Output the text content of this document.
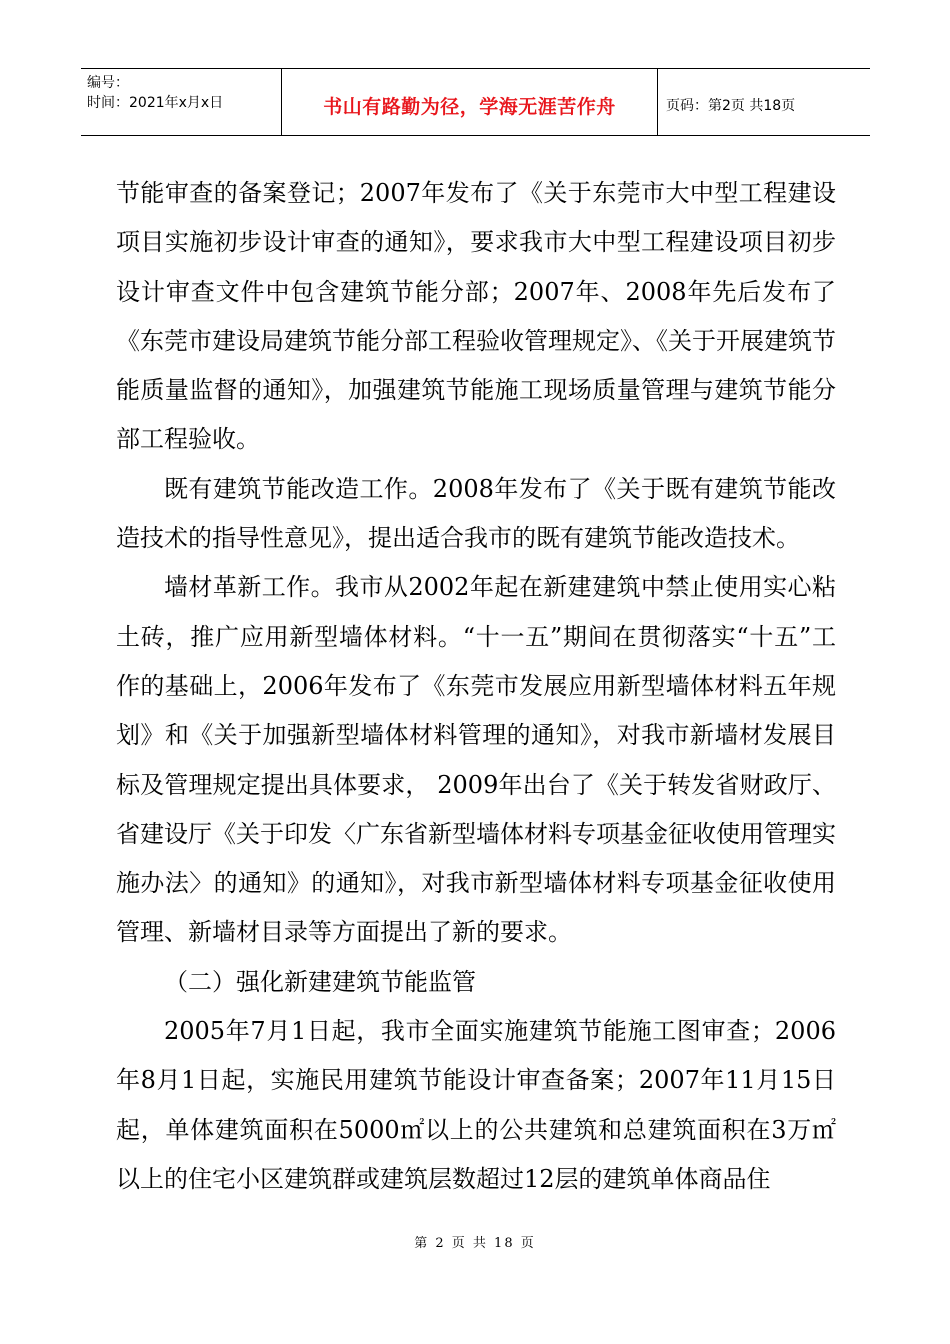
编号：
时间：2021年x月x日	书山有路勤为径，学海无涯苦作舟	页码：第2页 共18页

节能审查的备案登记；2007年发布了《关于东莞市大中型工程建设项目实施初步设计审查的通知》，要求我市大中型工程建设项目初步设计审查文件中包含建筑节能分部；2007年、2008年先后发布了《东莞市建设局建筑节能分部工程验收管理规定》、《关于开展建筑节能质量监督的通知》，加强建筑节能施工现场质量管理与建筑节能分部工程验收。

既有建筑节能改造工作。2008年发布了《关于既有建筑节能改造技术的指导性意见》，提出适合我市的既有建筑节能改造技术。

墙材革新工作。我市从2002年起在新建建筑中禁止使用实心粘土砖，推广应用新型墙体材料。“十一五”期间在贯彻落实“十五”工作的基础上，2006年发布了《东莞市发展应用新型墙体材料五年规划》和《关于加强新型墙体材料管理的通知》，对我市新墙材发展目标及管理规定提出具体要求， 2009年出台了《关于转发省财政厅、省建设厅《关于印发〈广东省新型墙体材料专项基金征收使用管理实施办法〉的通知》的通知》，对我市新型墙体材料专项基金征收使用管理、新墙材目录等方面提出了新的要求。

（二）强化新建建筑节能监管

2005年7月1日起，我市全面实施建筑节能施工图审查；2006年8月1日起，实施民用建筑节能设计审查备案；2007年11月15日起，单体建筑面积在5000㎡以上的公共建筑和总建筑面积在3万㎡以上的住宅小区建筑群或建筑层数超过12层的建筑单体商品住

第 2 页 共 18 页
